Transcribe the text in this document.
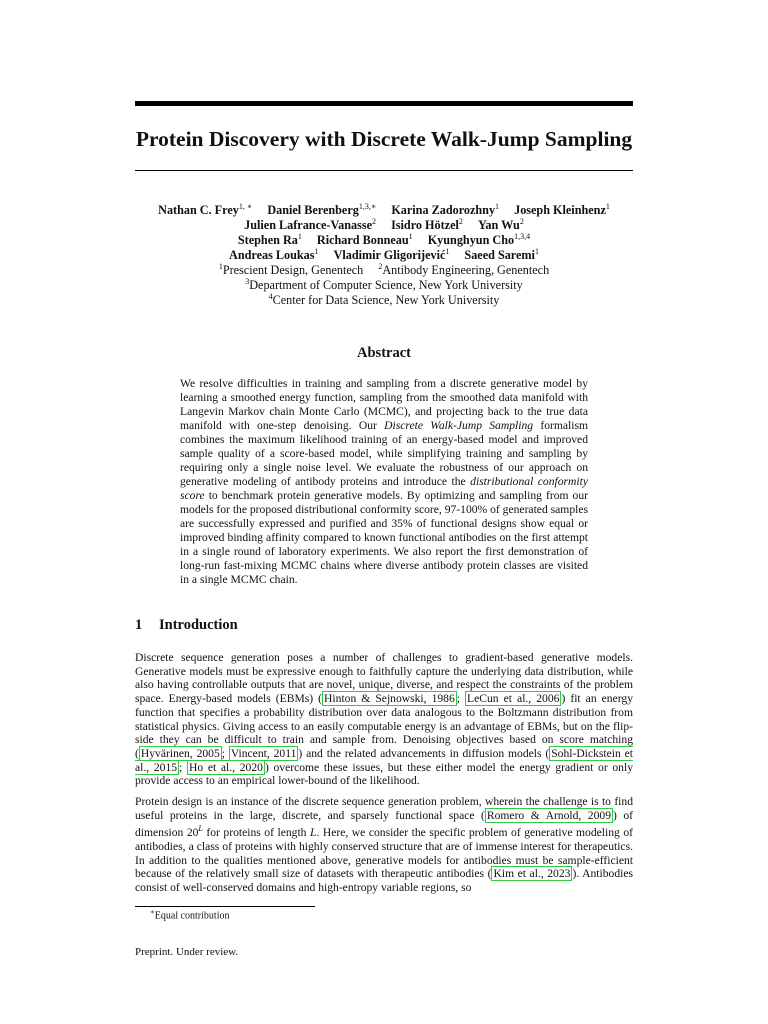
Protein Discovery with Discrete Walk-Jump Sampling
Nathan C. Frey$^{1, ∗}$ Daniel Berenberg$^{1,3,∗}$ Karina Zadorozhny$^1$ Joseph Kleinhenz$^1$
Julien Lafrance-Vanasse$^2$ Isidro Hötzel$^2$ Yan Wu$^2$
Stephen Ra$^1$ Richard Bonneau$^1$ Kyunghyun Cho$^{1,3,4}$
Andreas Loukas$^1$ Vladimir Gligorijević$^1$ Saeed Saremi$^1$
$^1$Prescient Design, Genentech $^2$Antibody Engineering, Genentech
$^3$Department of Computer Science, New York University
$^4$Center for Data Science, New York University
Abstract
We resolve difficulties in training and sampling from a discrete generative model by learning a smoothed energy function, sampling from the smoothed data manifold with Langevin Markov chain Monte Carlo (MCMC), and projecting back to the true data manifold with one-step denoising. Our Discrete Walk-Jump Sampling formalism combines the maximum likelihood training of an energy-based model and improved sample quality of a score-based model, while simplifying training and sampling by requiring only a single noise level. We evaluate the robustness of our approach on generative modeling of antibody proteins and introduce the distributional conformity score to benchmark protein generative models. By optimizing and sampling from our models for the proposed distributional conformity score, 97-100% of generated samples are successfully expressed and purified and 35% of functional designs show equal or improved binding affinity compared to known functional antibodies on the first attempt in a single round of laboratory experiments. We also report the first demonstration of long-run fast-mixing MCMC chains where diverse antibody protein classes are visited in a single MCMC chain.
1 Introduction

Discrete sequence generation poses a number of challenges to gradient-based generative models. Generative models must be expressive enough to faithfully capture the underlying data distribution, while also having controllable outputs that are novel, unique, diverse, and respect the constraints of the problem space. Energy-based models (EBMs) ( Hinton & Sejnowski, 1986 ; LeCun et al., 2006 ) fit an energy function that specifies a probability distribution over data analogous to the Boltzmann distribution from statistical physics. Giving access to an easily computable energy is an advantage of EBMs, but on the flip-side they can be difficult to train and sample from. Denoising objectives based on score matching ( Hyvärinen, 2005 ; Vincent, 2011 ) and the related advancements in diffusion models ( Sohl-Dickstein et al., 2015 ; Ho et al., 2020 ) overcome these issues, but these either model the energy gradient or only provide access to an empirical lower-bound of the likelihood.

Protein design is an instance of the discrete sequence generation problem, wherein the challenge is to find useful proteins in the large, discrete, and sparsely functional space ( Romero & Arnold, 2009 ) of dimension $20^L$ for proteins of length L. Here, we consider the specific problem of generative modeling of antibodies, a class of proteins with highly conserved structure that are of immense interest for therapeutics. In addition to the qualities mentioned above, generative models for antibodies must be sample-efficient because of the relatively small size of datasets with therapeutic antibodies ( Kim et al., 2023 ). Antibodies consist of well-conserved domains and high-entropy variable regions, so

∗Equal contribution
Preprint. Under review.
